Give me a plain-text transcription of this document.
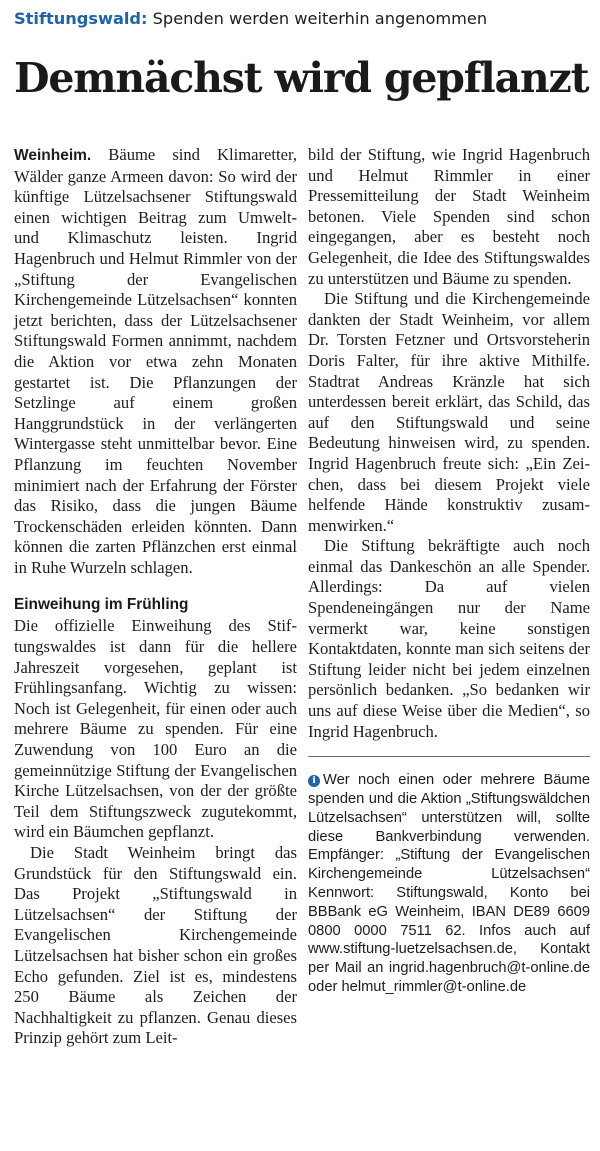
Stiftungswald: Spenden werden weiterhin angenommen
Demnächst wird gepflanzt

Weinheim. Bäume sind Klimaretter, Wälder ganze Armeen davon: So wird der künftige Lützelsachsener Stiftungswald einen wichtigen Beitrag zum Umwelt- und Klimaschutz leisten. Ingrid Hagenbruch und Helmut Rimmler von der „Stiftung der Evangelischen Kirchengemeinde Lützelsachsen“ konnten jetzt berichten, dass der Lützelsachsener Stiftungswald Formen annimmt, nachdem die Aktion vor etwa zehn Monaten gestartet ist. Die Pflanzungen der Setzlinge auf einem großen Hanggrundstück in der verlängerten Wintergasse steht unmittelbar bevor. Eine Pflanzung im feuchten November minimiert nach der Erfahrung der Förster das Risiko, dass die jungen Bäume Trockenschäden erleiden könnten. Dann können die zarten Pflänzchen erst einmal in Ruhe Wurzeln schlagen.

Einweihung im Frühling

Die offizielle Einweihung des Stiftungswaldes ist dann für die hellere Jahreszeit vorgesehen, geplant ist Frühlingsanfang. Wichtig zu wissen: Noch ist Gelegenheit, für einen oder auch mehrere Bäume zu spenden. Für eine Zuwendung von 100 Euro an die gemeinnützige Stiftung der Evangelischen Kirche Lützelsachsen, von der der größte Teil dem Stiftungszweck zugutekommt, wird ein Bäumchen gepflanzt.

Die Stadt Weinheim bringt das Grundstück für den Stiftungswald ein. Das Projekt „Stiftungswald in Lützelsachsen“ der Stiftung der Evangelischen Kirchengemeinde Lützelsachsen hat bisher schon ein großes Echo gefunden. Ziel ist es, mindestens 250 Bäume als Zeichen der Nachhaltigkeit zu pflanzen. Genau dieses Prinzip gehört zum Leit-

bild der Stiftung, wie Ingrid Hagenbruch und Helmut Rimmler in einer Pressemitteilung der Stadt Weinheim betonen. Viele Spenden sind schon eingegangen, aber es besteht noch Gelegenheit, die Idee des Stiftungswaldes zu unterstützen und Bäume zu spenden.

Die Stiftung und die Kirchengemeinde dankten der Stadt Weinheim, vor allem Dr. Torsten Fetzner und Ortsvorsteherin Doris Falter, für ihre aktive Mithilfe. Stadtrat Andreas Kränzle hat sich unterdessen bereit erklärt, das Schild, das auf den Stiftungswald und seine Bedeutung hinweisen wird, zu spenden. Ingrid Hagenbruch freute sich: „Ein Zeichen, dass bei diesem Projekt viele helfende Hände konstruktiv zusammenwirken.“

Die Stiftung bekräftigte auch noch einmal das Dankeschön an alle Spender. Allerdings: Da auf vielen Spendeneingängen nur der Name vermerkt war, keine sonstigen Kontaktdaten, konnte man sich seitens der Stiftung leider nicht bei jedem einzelnen persönlich bedanken. „So bedanken wir uns auf diese Weise über die Medien“, so Ingrid Hagenbruch.

i Wer noch einen oder mehrere Bäume spenden und die Aktion „Stiftungswäldchen Lützelsachsen“ unterstützen will, sollte diese Bankverbindung verwenden. Empfänger: „Stiftung der Evangelischen Kirchengemeinde Lützelsachsen“ Kennwort: Stiftungswald, Konto bei BBBank eG Weinheim, IBAN DE89 6609 0800 0000 7511 62. Infos auch auf www.stiftung-luetzelsachsen.de, Kontakt per Mail an ingrid.hagenbruch@t-online.de oder helmut_rimmler@t-online.de
